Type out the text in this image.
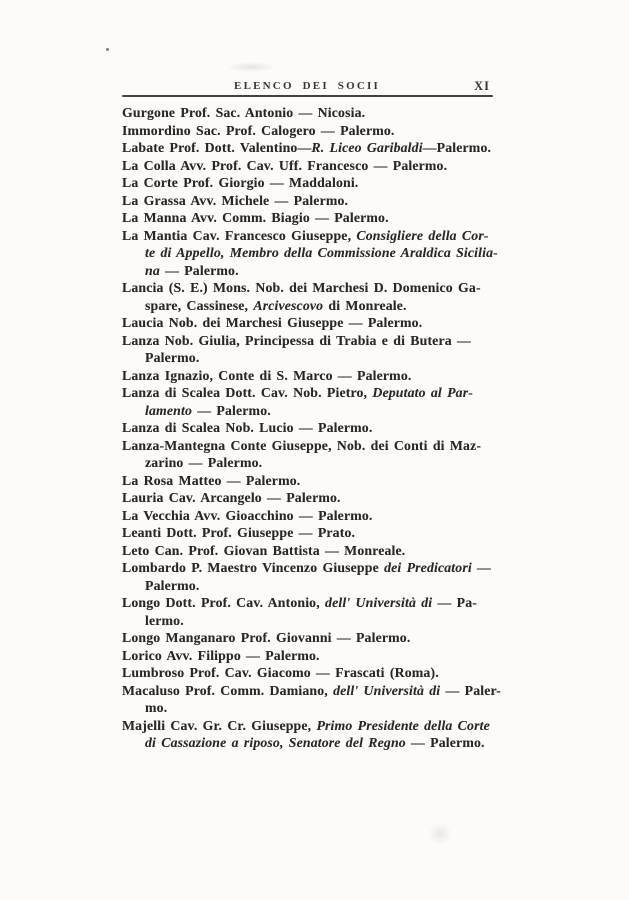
ELENCO DEI SOCII	XI
Gurgone Prof. Sac. Antonio — Nicosia.
Immordino Sac. Prof. Calogero — Palermo.
Labate Prof. Dott. Valentino—R. Liceo Garibaldi—Palermo.
La Colla Avv. Prof. Cav. Uff. Francesco — Palermo.
La Corte Prof. Giorgio — Maddaloni.
La Grassa Avv. Michele — Palermo.
La Manna Avv. Comm. Biagio — Palermo.
La Mantia Cav. Francesco Giuseppe, Consigliere della Cor-
te di Appello, Membro della Commissione Araldica Sicilia-
na — Palermo.
Lancia (S. E.) Mons. Nob. dei Marchesi D. Domenico Ga-
spare, Cassinese, Arcivescovo di Monreale.
Laucia Nob. dei Marchesi Giuseppe — Palermo.
Lanza Nob. Giulia, Principessa di Trabia e di Butera —
Palermo.
Lanza Ignazio, Conte di S. Marco — Palermo.
Lanza di Scalea Dott. Cav. Nob. Pietro, Deputato al Par-
lamento — Palermo.
Lanza di Scalea Nob. Lucio — Palermo.
Lanza-Mantegna Conte Giuseppe, Nob. dei Conti di Maz-
zarino — Palermo.
La Rosa Matteo — Palermo.
Lauria Cav. Arcangelo — Palermo.
La Vecchia Avv. Gioacchino — Palermo.
Leanti Dott. Prof. Giuseppe — Prato.
Leto Can. Prof. Giovan Battista — Monreale.
Lombardo P. Maestro Vincenzo Giuseppe dei Predicatori —
Palermo.
Longo Dott. Prof. Cav. Antonio, dell' Università di — Pa-
lermo.
Longo Manganaro Prof. Giovanni — Palermo.
Lorico Avv. Filippo — Palermo.
Lumbroso Prof. Cav. Giacomo — Frascati (Roma).
Macaluso Prof. Comm. Damiano, dell' Università di — Paler-
mo.
Majelli Cav. Gr. Cr. Giuseppe, Primo Presidente della Corte
di Cassazione a riposo, Senatore del Regno — Palermo.
